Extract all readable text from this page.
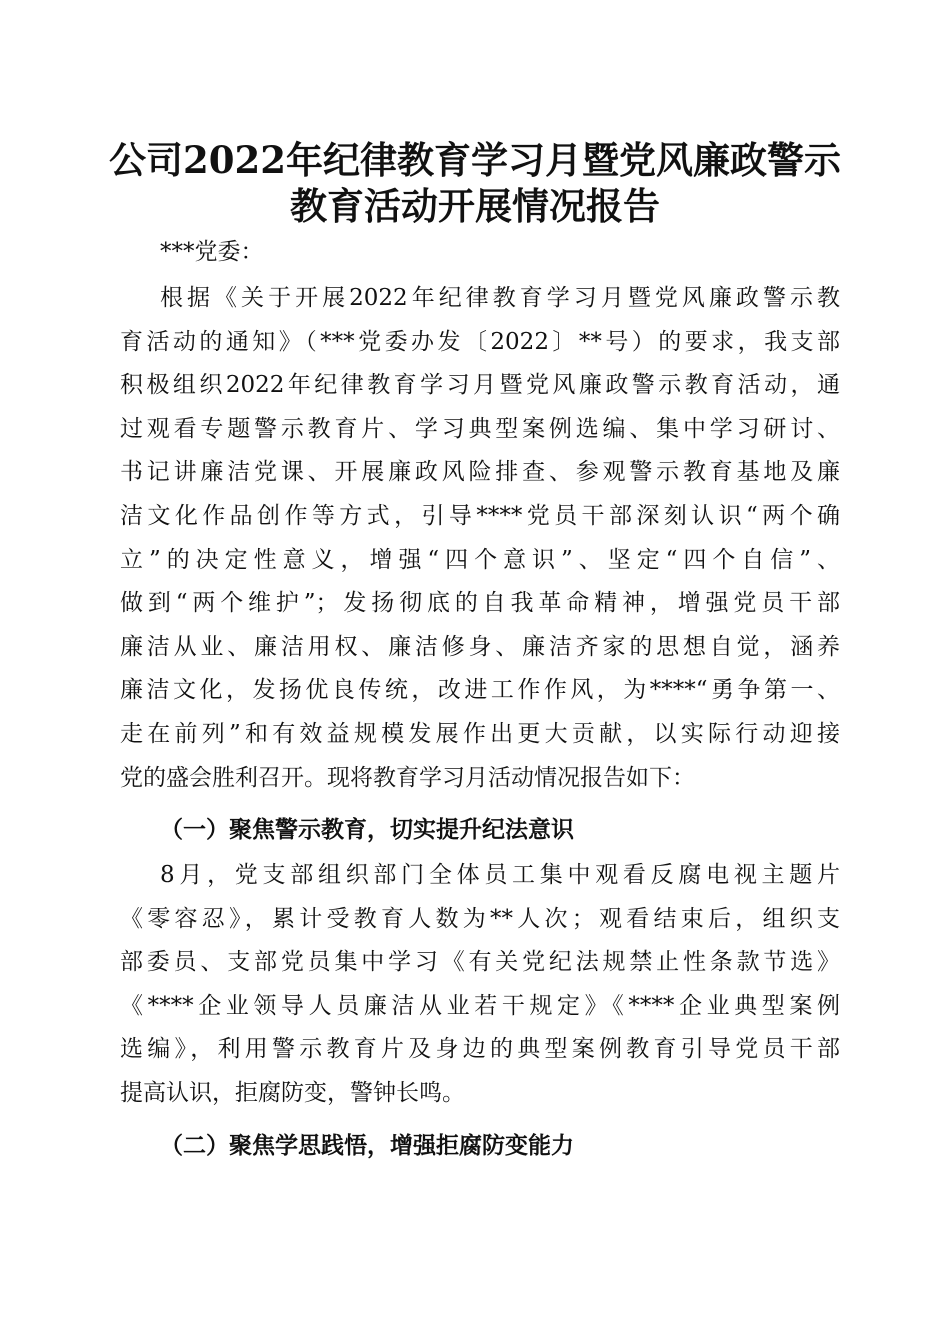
公司2022年纪律教育学习月暨党风廉政警示
教育活动开展情况报告

***党委：

根据《关于开展2022年纪律教育学习月暨党风廉政警示教
育活动的通知》（***党委办发〔2022〕**号）的要求，我支部
积极组织2022年纪律教育学习月暨党风廉政警示教育活动，通
过观看专题警示教育片、学习典型案例选编、集中学习研讨、
书记讲廉洁党课、开展廉政风险排查、参观警示教育基地及廉
洁文化作品创作等方式，引导****党员干部深刻认识“两个确
立”的决定性意义，增强“四个意识”、坚定“四个自信”、
做到“两个维护”；发扬彻底的自我革命精神，增强党员干部
廉洁从业、廉洁用权、廉洁修身、廉洁齐家的思想自觉，涵养
廉洁文化，发扬优良传统，改进工作作风，为****“勇争第一、
走在前列”和有效益规模发展作出更大贡献，以实际行动迎接
党的盛会胜利召开。现将教育学习月活动情况报告如下：

（一）聚焦警示教育，切实提升纪法意识

8月，党支部组织部门全体员工集中观看反腐电视主题片
《零容忍》，累计受教育人数为**人次；观看结束后，组织支
部委员、支部党员集中学习《有关党纪法规禁止性条款节选》
《****企业领导人员廉洁从业若干规定》《****企业典型案例
选编》，利用警示教育片及身边的典型案例教育引导党员干部
提高认识，拒腐防变，警钟长鸣。

（二）聚焦学思践悟，增强拒腐防变能力
